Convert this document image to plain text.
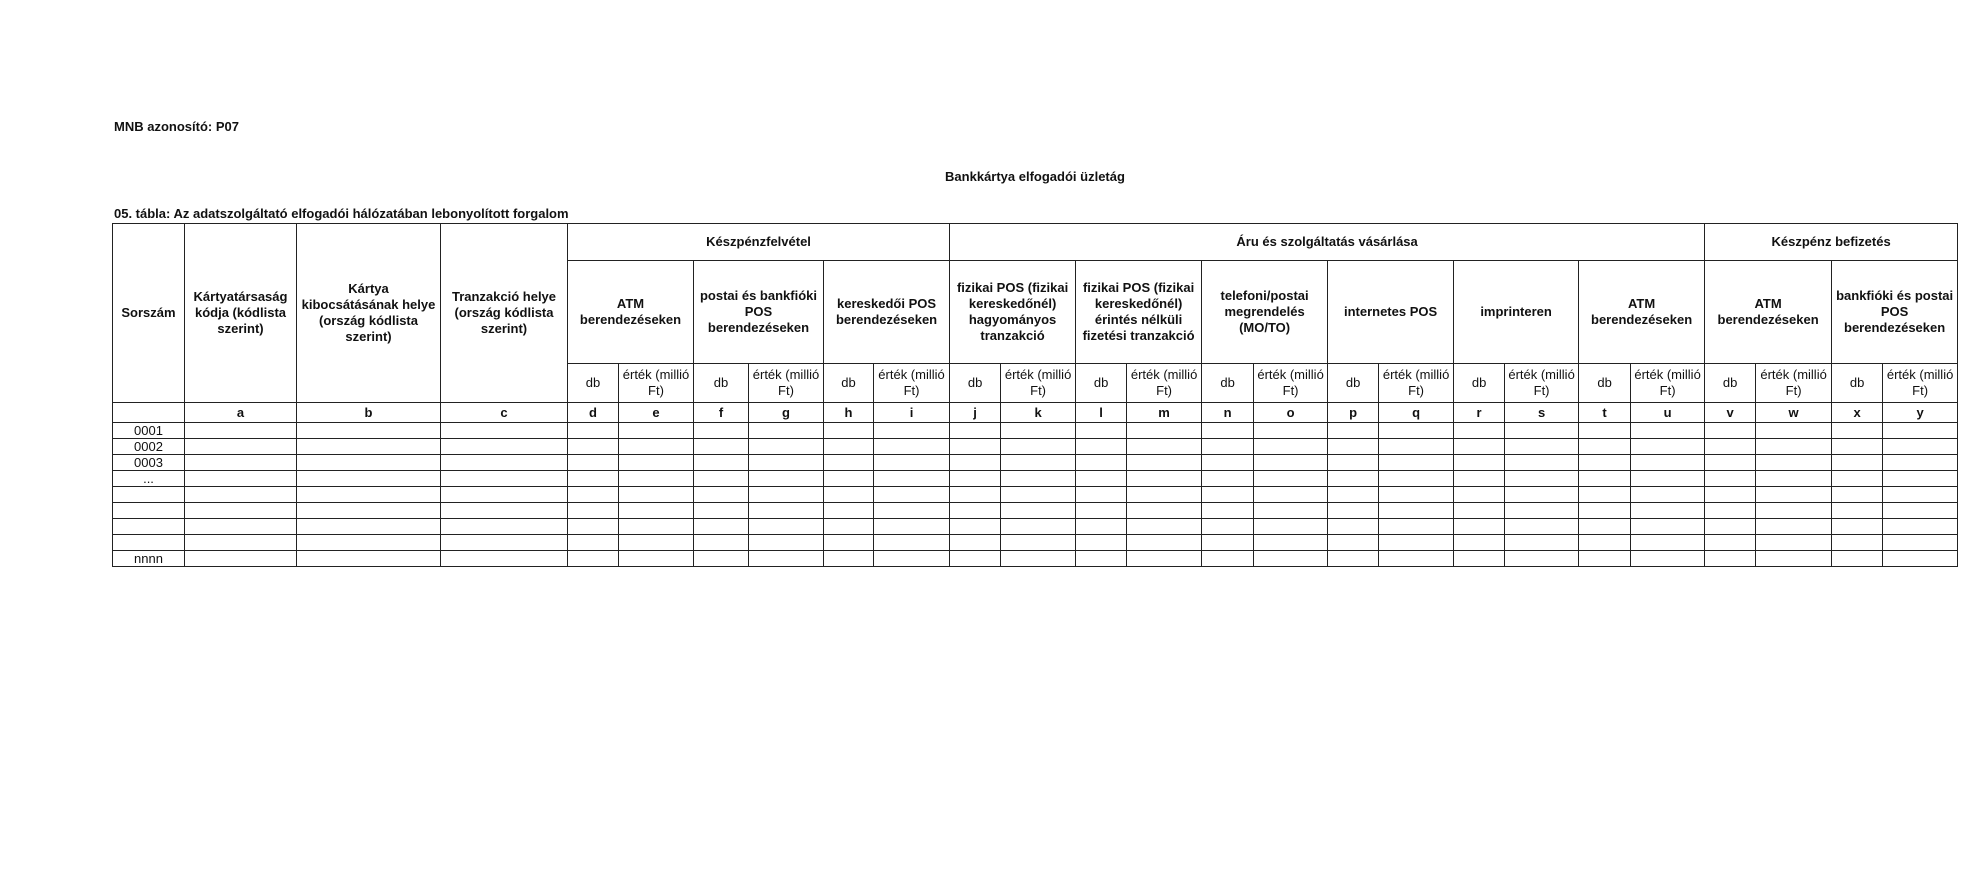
MNB azonosító: P07
Bankkártya elfogadói üzletág
05. tábla: Az adatszolgáltató elfogadói hálózatában lebonyolított forgalom
Sorszám	Kártyatársaság kódja (kódlista szerint)	Kártya kibocsátásának helye (ország kódlista szerint)	Tranzakció helye (ország kódlista szerint)	Készpénzfelvétel						Áru és szolgáltatás vásárlása												Készpénz befizetés			
				ATM berendezéseken		postai és bankfióki POS berendezéseken		kereskedői POS berendezéseken		fizikai POS (fizikai kereskedőnél) hagyományos tranzakció		fizikai POS (fizikai kereskedőnél) érintés nélküli fizetési tranzakció		telefoni/postai megrendelés (MO/TO)		internetes POS		imprinteren		ATM berendezéseken		ATM berendezéseken		bankfióki és postai POS berendezéseken	
				db	érték (millió Ft)	db	érték (millió Ft)	db	érték (millió Ft)	db	érték (millió Ft)	db	érték (millió Ft)	db	érték (millió Ft)	db	érték (millió Ft)	db	érték (millió Ft)	db	érték (millió Ft)	db	érték (millió Ft)	db	érték (millió Ft)
	a	b	c	d	e	f	g	h	i	j	k	l	m	n	o	p	q	r	s	t	u	v	w	x	y
0001																									
0002																									
0003																									
...																									

nnnn																									
